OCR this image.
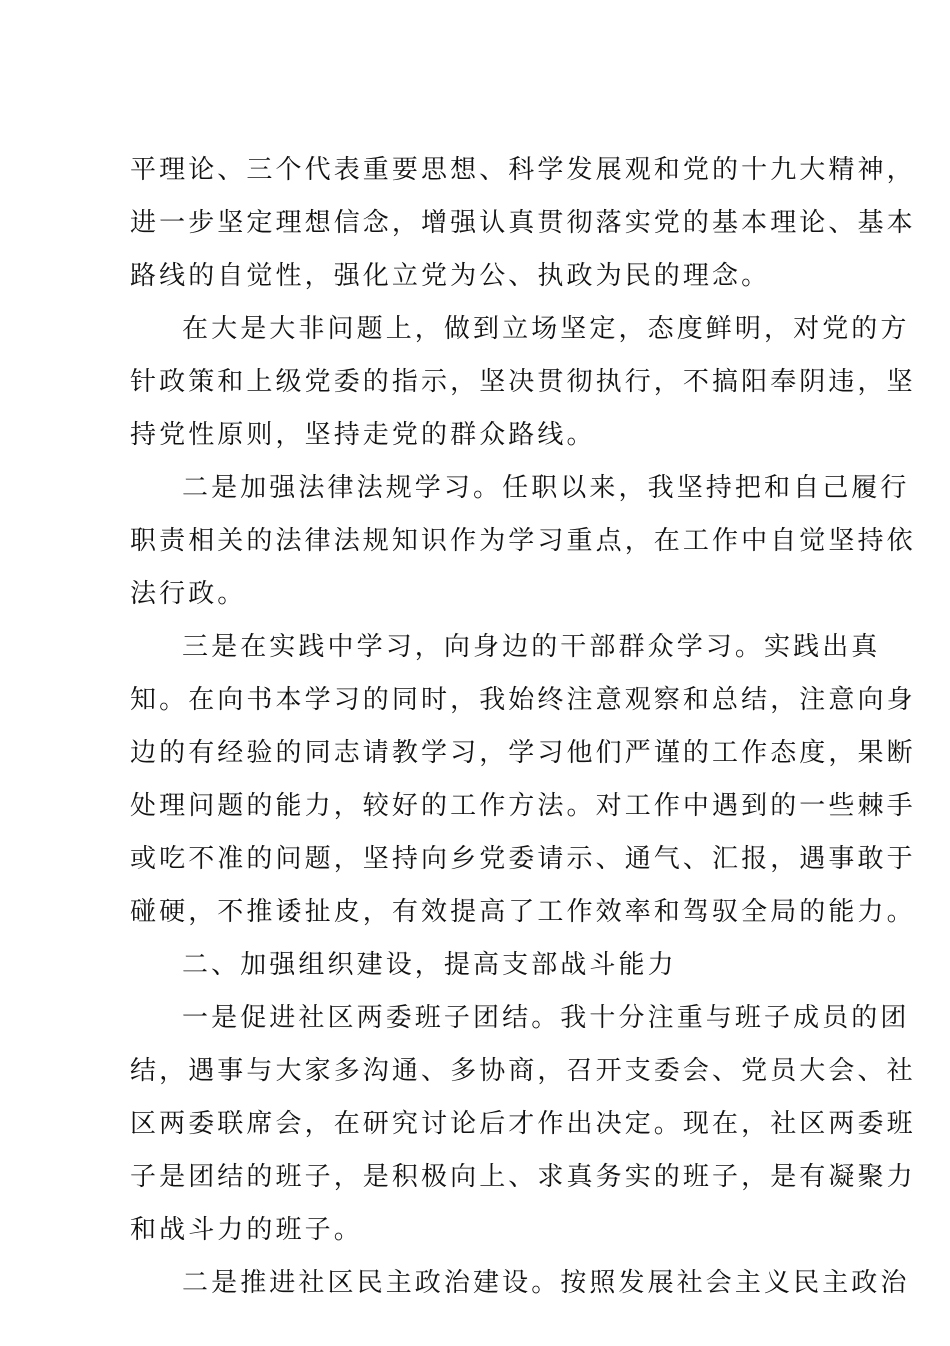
平理论、三个代表重要思想、科学发展观和党的十九大精神，
进一步坚定理想信念，增强认真贯彻落实党的基本理论、基本
路线的自觉性，强化立党为公、执政为民的理念。
在大是大非问题上，做到立场坚定，态度鲜明，对党的方
针政策和上级党委的指示，坚决贯彻执行，不搞阳奉阴违，坚
持党性原则，坚持走党的群众路线。
二是加强法律法规学习。任职以来，我坚持把和自己履行
职责相关的法律法规知识作为学习重点，在工作中自觉坚持依
法行政。
三是在实践中学习，向身边的干部群众学习。实践出真
知。在向书本学习的同时，我始终注意观察和总结，注意向身
边的有经验的同志请教学习，学习他们严谨的工作态度，果断
处理问题的能力，较好的工作方法。对工作中遇到的一些棘手
或吃不准的问题，坚持向乡党委请示、通气、汇报，遇事敢于
碰硬，不推诿扯皮，有效提高了工作效率和驾驭全局的能力。
二、加强组织建设，提高支部战斗能力
一是促进社区两委班子团结。我十分注重与班子成员的团
结，遇事与大家多沟通、多协商，召开支委会、党员大会、社
区两委联席会，在研究讨论后才作出决定。现在，社区两委班
子是团结的班子，是积极向上、求真务实的班子，是有凝聚力
和战斗力的班子。
二是推进社区民主政治建设。按照发展社会主义民主政治
